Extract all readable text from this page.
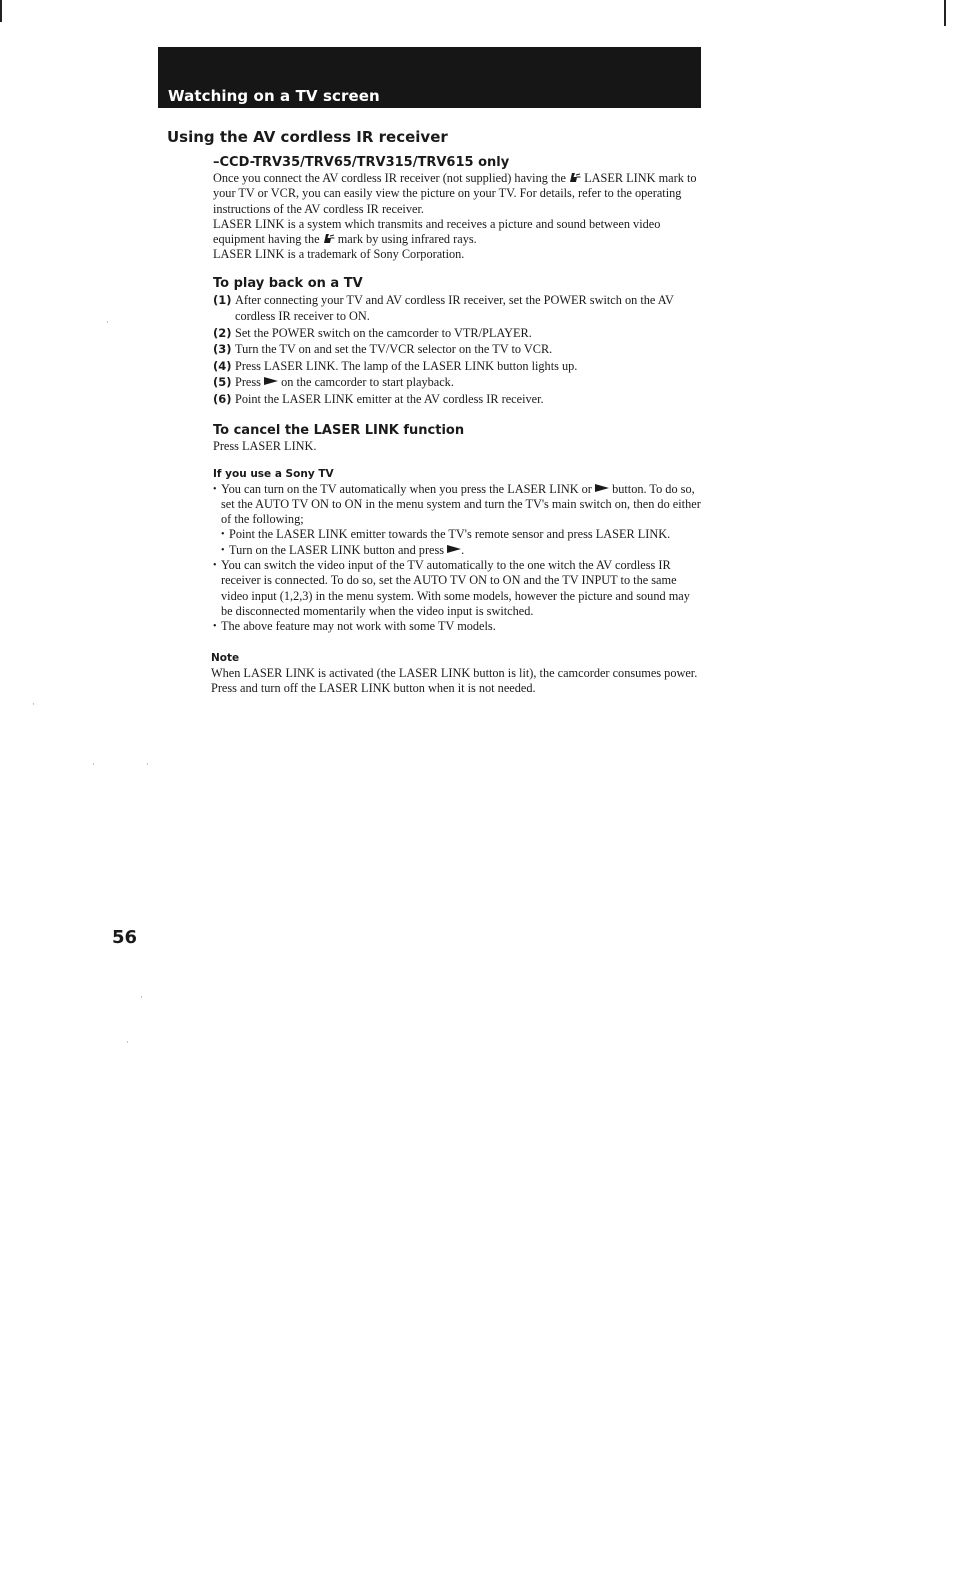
Watching on a TV screen
Using the AV cordless IR receiver
–CCD-TRV35/TRV65/TRV315/TRV615 only

Once you connect the AV cordless IR receiver (not supplied) having the LASER LINK mark to your TV or VCR, you can easily view the picture on your TV. For details, refer to the operating instructions of the AV cordless IR receiver.
LASER LINK is a system which transmits and receives a picture and sound between video equipment having the mark by using infrared rays.
LASER LINK is a trademark of Sony Corporation.

To play back on a TV
(1) After connecting your TV and AV cordless IR receiver, set the POWER switch on the AV cordless IR receiver to ON.
(2) Set the POWER switch on the camcorder to VTR/PLAYER.
(3) Turn the TV on and set the TV/VCR selector on the TV to VCR.
(4) Press LASER LINK. The lamp of the LASER LINK button lights up.
(5) Press on the camcorder to start playback.
(6) Point the LASER LINK emitter at the AV cordless IR receiver.
To cancel the LASER LINK function

Press LASER LINK.

If you use a Sony TV
• You can turn on the TV automatically when you press the LASER LINK or button. To do so, set the AUTO TV ON to ON in the menu system and turn the TV's main switch on, then do either of the following;
• Point the LASER LINK emitter towards the TV's remote sensor and press LASER LINK.
• Turn on the LASER LINK button and press .
• You can switch the video input of the TV automatically to the one witch the AV cordless IR receiver is connected. To do so, set the AUTO TV ON to ON and the TV INPUT to the same video input (1,2,3) in the menu system. With some models, however the picture and sound may be disconnected momentarily when the video input is switched.
• The above feature may not work with some TV models.
Note

When LASER LINK is activated (the LASER LINK button is lit), the camcorder consumes power. Press and turn off the LASER LINK button when it is not needed.

56

·
·
·	·
·
·
